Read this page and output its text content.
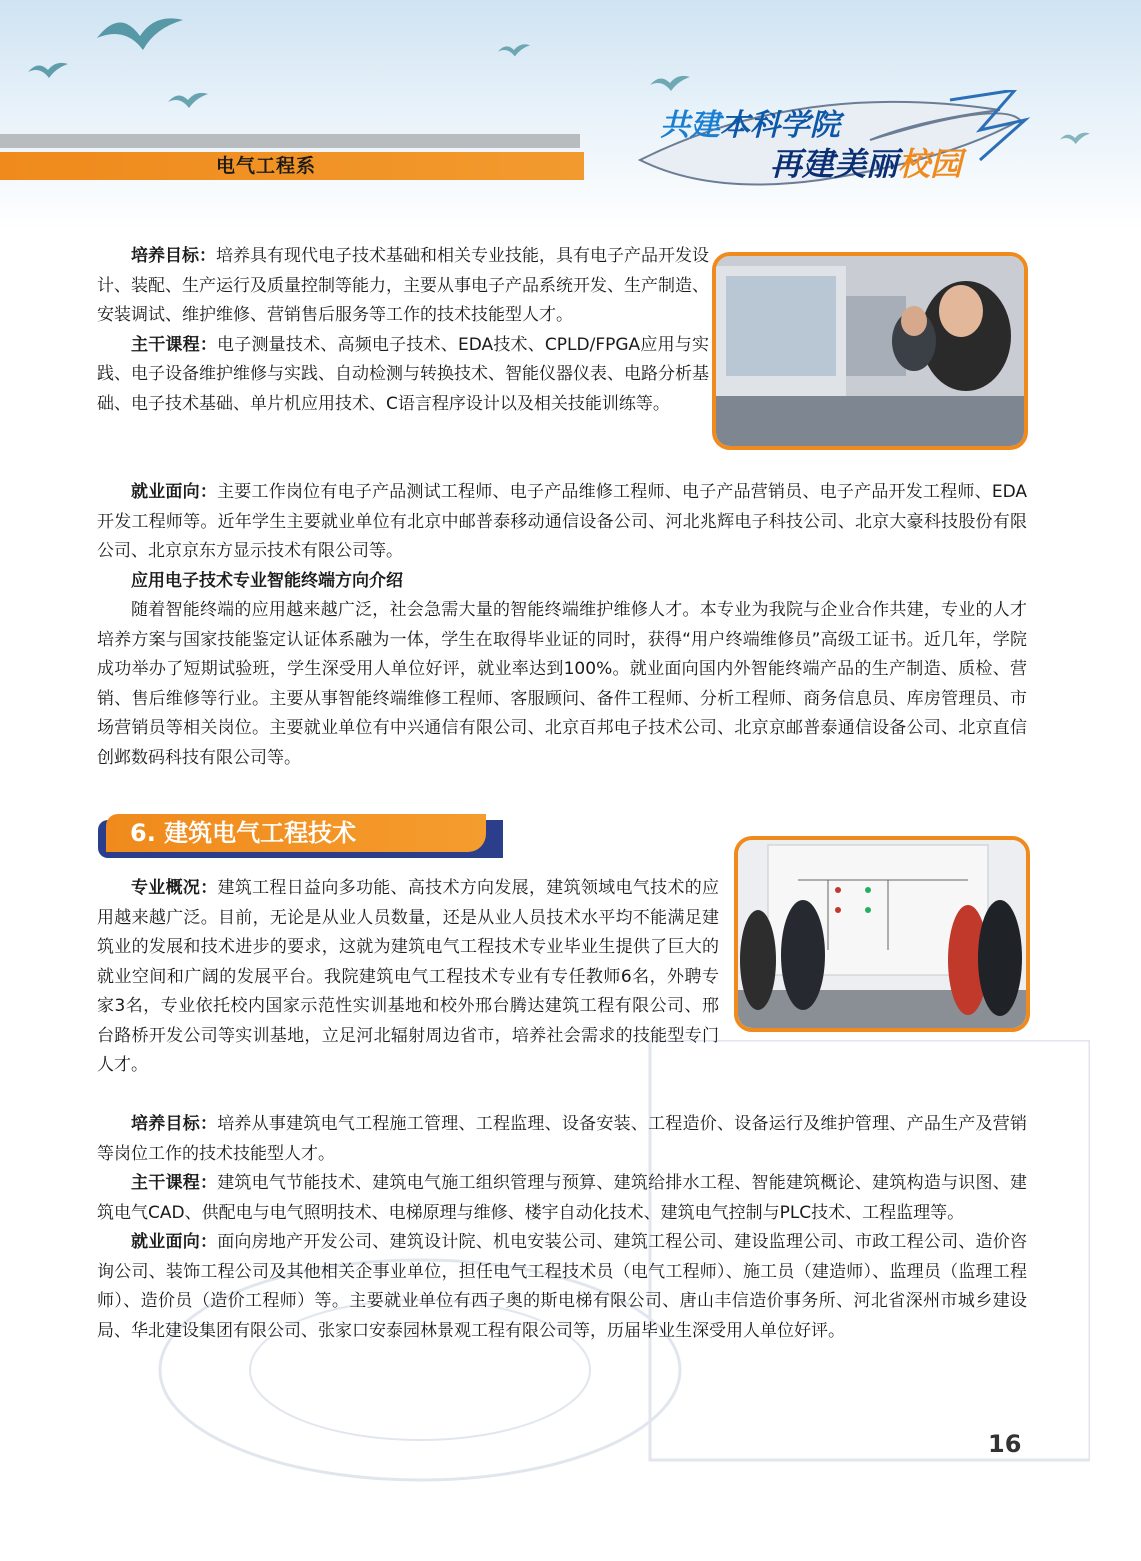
电气工程系
共建本科学院
再建美丽校园

培养目标：培养具有现代电子技术基础和相关专业技能，具有电子产品开发设计、装配、生产运行及质量控制等能力，主要从事电子产品系统开发、生产制造、安装调试、维护维修、营销售后服务等工作的技术技能型人才。

主干课程：电子测量技术、高频电子技术、EDA技术、CPLD/FPGA应用与实践、电子设备维护维修与实践、自动检测与转换技术、智能仪器仪表、电路分析基础、电子技术基础、单片机应用技术、C语言程序设计以及相关技能训练等。

就业面向：主要工作岗位有电子产品测试工程师、电子产品维修工程师、电子产品营销员、电子产品开发工程师、EDA开发工程师等。近年学生主要就业单位有北京中邮普泰移动通信设备公司、河北兆辉电子科技公司、北京大豪科技股份有限公司、北京京东方显示技术有限公司等。

应用电子技术专业智能终端方向介绍

随着智能终端的应用越来越广泛，社会急需大量的智能终端维护维修人才。本专业为我院与企业合作共建，专业的人才培养方案与国家技能鉴定认证体系融为一体，学生在取得毕业证的同时，获得“用户终端维修员”高级工证书。近几年，学院成功举办了短期试验班，学生深受用人单位好评，就业率达到100%。就业面向国内外智能终端产品的生产制造、质检、营销、售后维修等行业。主要从事智能终端维修工程师、客服顾问、备件工程师、分析工程师、商务信息员、库房管理员、市场营销员等相关岗位。主要就业单位有中兴通信有限公司、北京百邦电子技术公司、北京京邮普泰通信设备公司、北京直信创邺数码科技有限公司等。

6. 建筑电气工程技术

专业概况：建筑工程日益向多功能、高技术方向发展，建筑领域电气技术的应用越来越广泛。目前，无论是从业人员数量，还是从业人员技术水平均不能满足建筑业的发展和技术进步的要求，这就为建筑电气工程技术专业毕业生提供了巨大的就业空间和广阔的发展平台。我院建筑电气工程技术专业有专任教师6名，外聘专家3名，专业依托校内国家示范性实训基地和校外邢台腾达建筑工程有限公司、邢台路桥开发公司等实训基地，立足河北辐射周边省市，培养社会需求的技能型专门人才。

培养目标：培养从事建筑电气工程施工管理、工程监理、设备安装、工程造价、设备运行及维护管理、产品生产及营销等岗位工作的技术技能型人才。

主干课程：建筑电气节能技术、建筑电气施工组织管理与预算、建筑给排水工程、智能建筑概论、建筑构造与识图、建筑电气CAD、供配电与电气照明技术、电梯原理与维修、楼宇自动化技术、建筑电气控制与PLC技术、工程监理等。

就业面向：面向房地产开发公司、建筑设计院、机电安装公司、建筑工程公司、建设监理公司、市政工程公司、造价咨询公司、装饰工程公司及其他相关企事业单位，担任电气工程技术员（电气工程师）、施工员（建造师）、监理员（监理工程师）、造价员（造价工程师）等。主要就业单位有西子奥的斯电梯有限公司、唐山丰信造价事务所、河北省深州市城乡建设局、华北建设集团有限公司、张家口安泰园林景观工程有限公司等，历届毕业生深受用人单位好评。

16
